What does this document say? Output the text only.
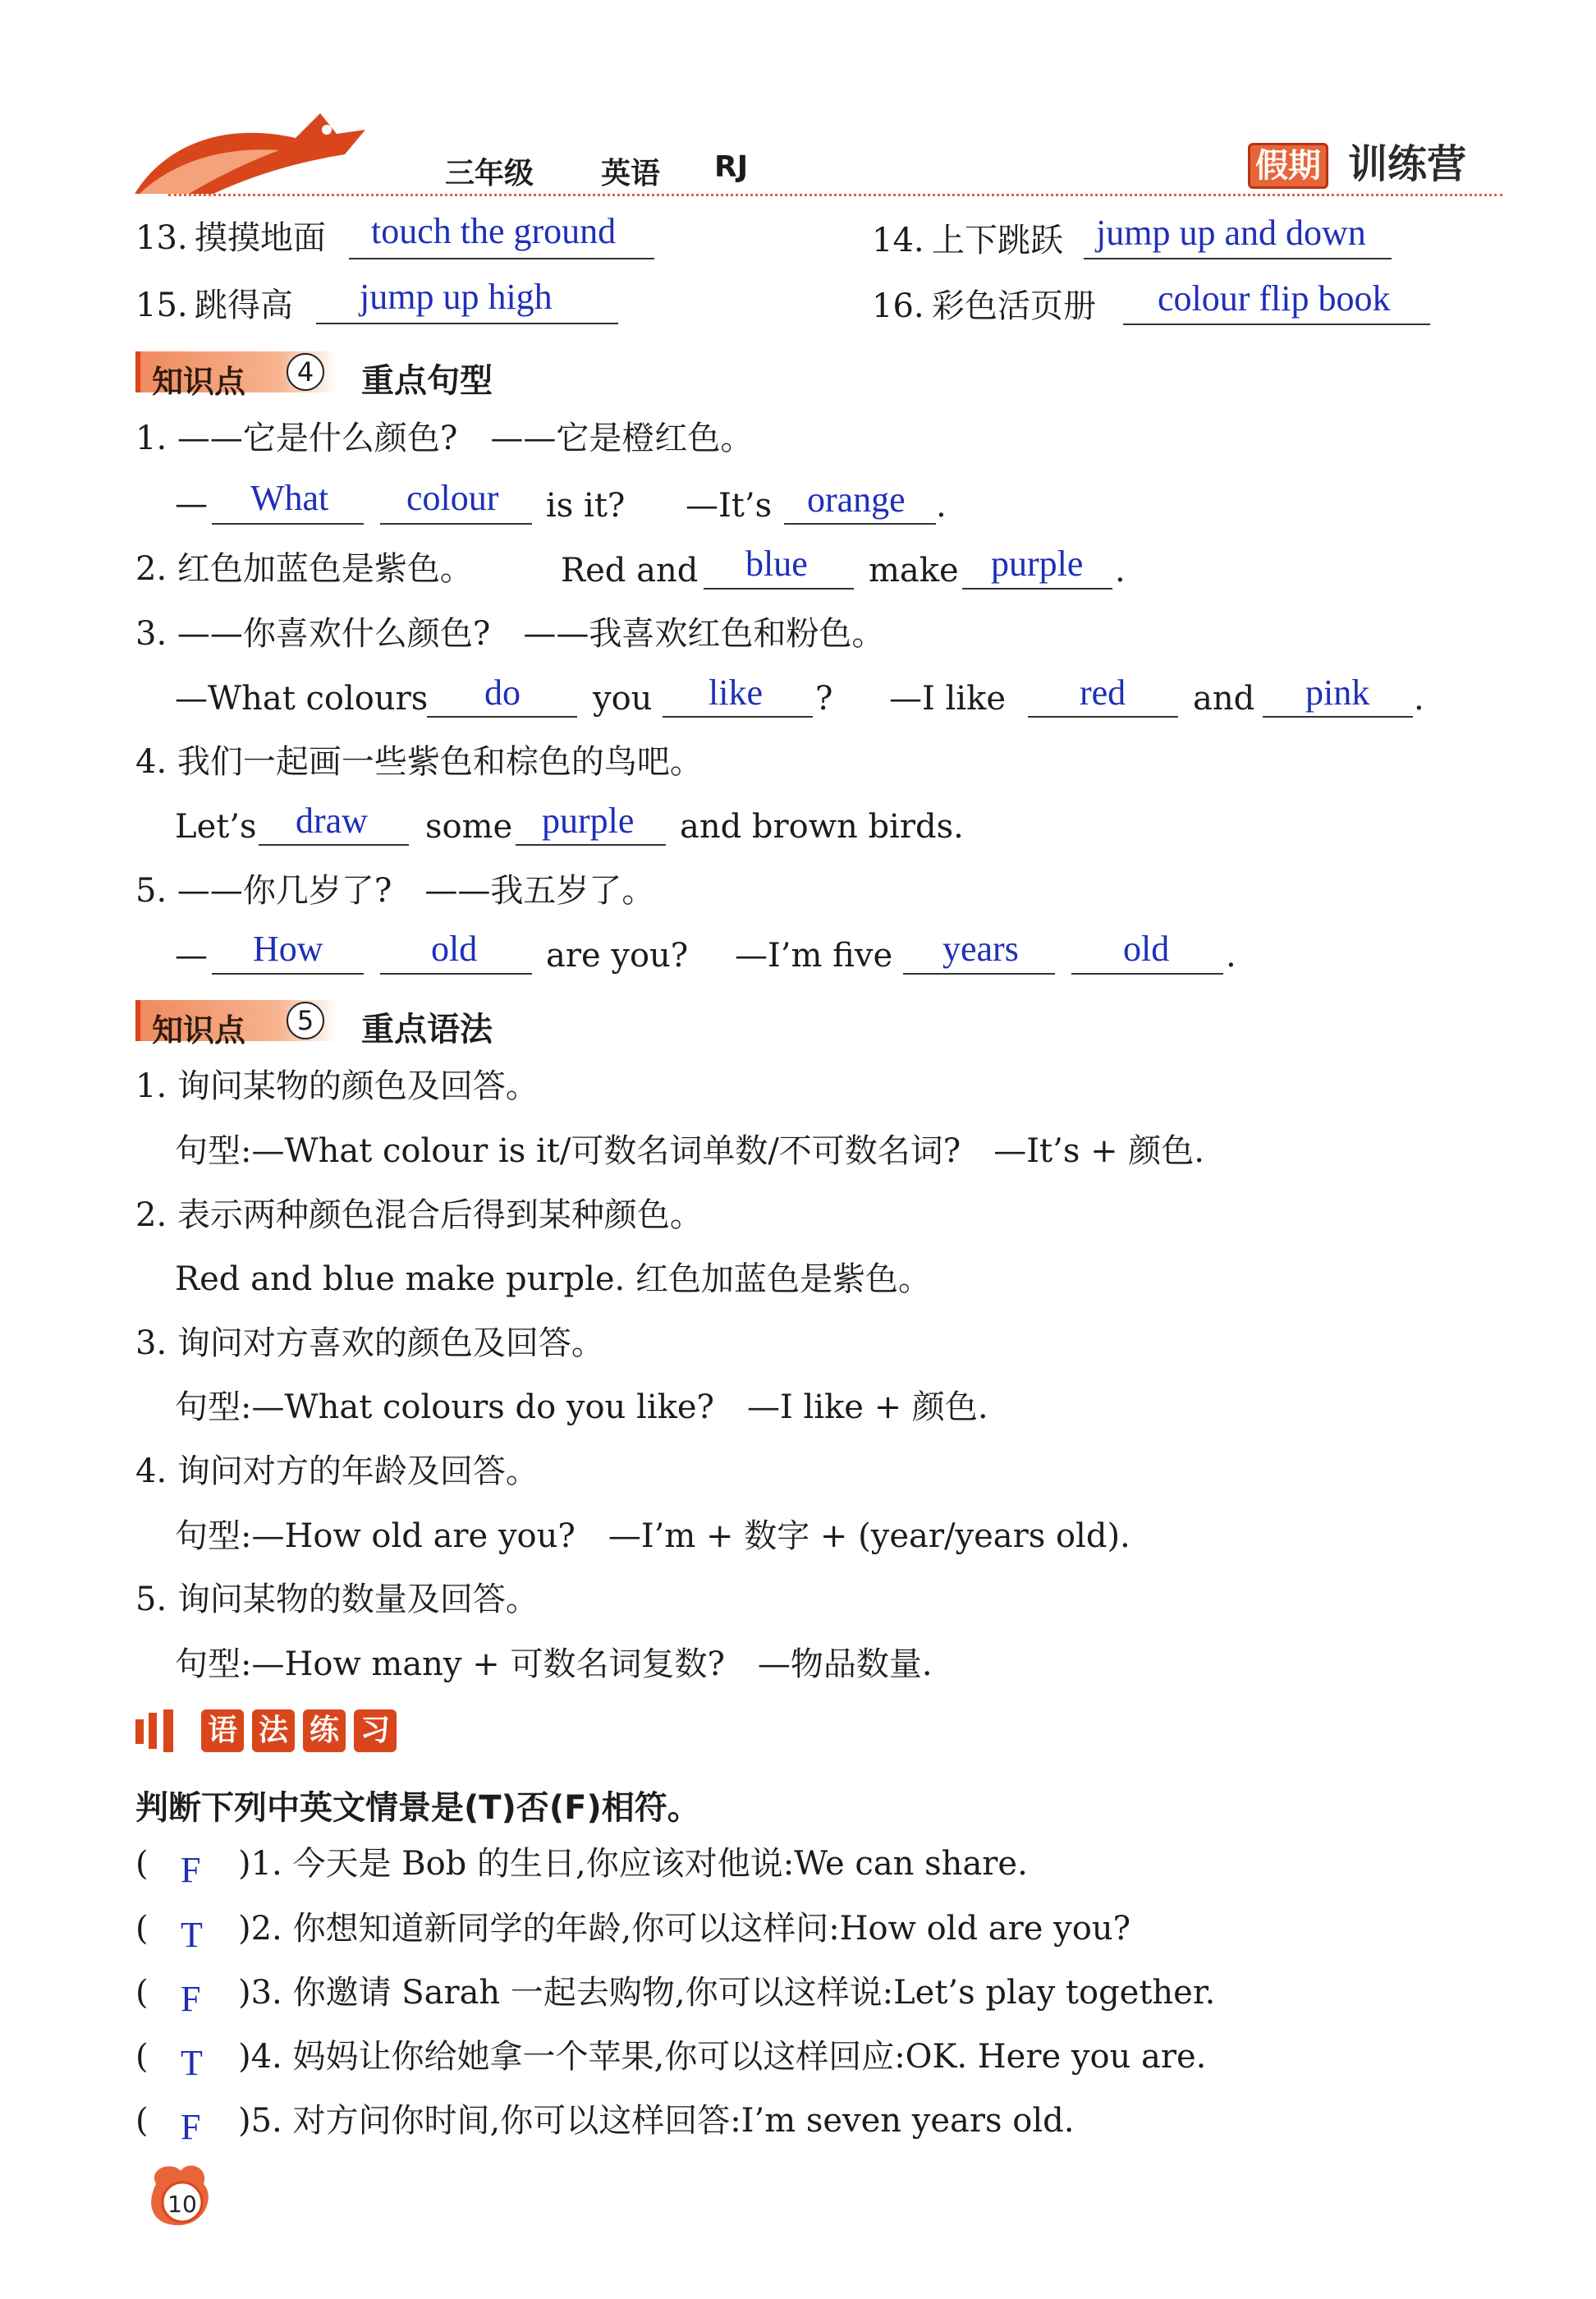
三年级 英语 RJ	假期 训练营
13. 摸摸地面 touch the ground	14. 上下跳跃 jump up and down
15. 跳得高 jump up high	16. 彩色活页册 colour flip book
知识点	4	重点句型
1. ——它是什么颜色?　——它是橙红色。
— What colour is it? —It’s orange .
2. 红色加蓝色是紫色。	Red and blue make purple .
3. ——你喜欢什么颜色?　——我喜欢红色和粉色。
—What colours do you like ? —I like red and pink .
4. 我们一起画一些紫色和棕色的鸟吧。
Let’s draw some purple and brown birds.
5. ——你几岁了?　——我五岁了。
— How	old are you? —I’m five years	old .
知识点	5	重点语法
1. 询问某物的颜色及回答。
句型:—What colour is it/可数名词单数/不可数名词?　—It’s + 颜色.
2. 表示两种颜色混合后得到某种颜色。
Red and blue make purple. 红色加蓝色是紫色。
3. 询问对方喜欢的颜色及回答。
句型:—What colours do you like?　—I like + 颜色.
4. 询问对方的年龄及回答。
句型:—How old are you?　—I’m + 数字 + (year/years old).
5. 询问某物的数量及回答。
句型:—How many + 可数名词复数?　—物品数量.
语 法 练 习
判断下列中英文情景是(T)否(F)相符。
( F )1. 今天是 Bob 的生日,你应该对他说:We can share.
( T )2. 你想知道新同学的年龄,你可以这样问:How old are you?
( F )3. 你邀请 Sarah 一起去购物,你可以这样说:Let’s play together.
( T )4. 妈妈让你给她拿一个苹果,你可以这样回应:OK. Here you are.
( F )5. 对方问你时间,你可以这样回答:I’m seven years old.
10
